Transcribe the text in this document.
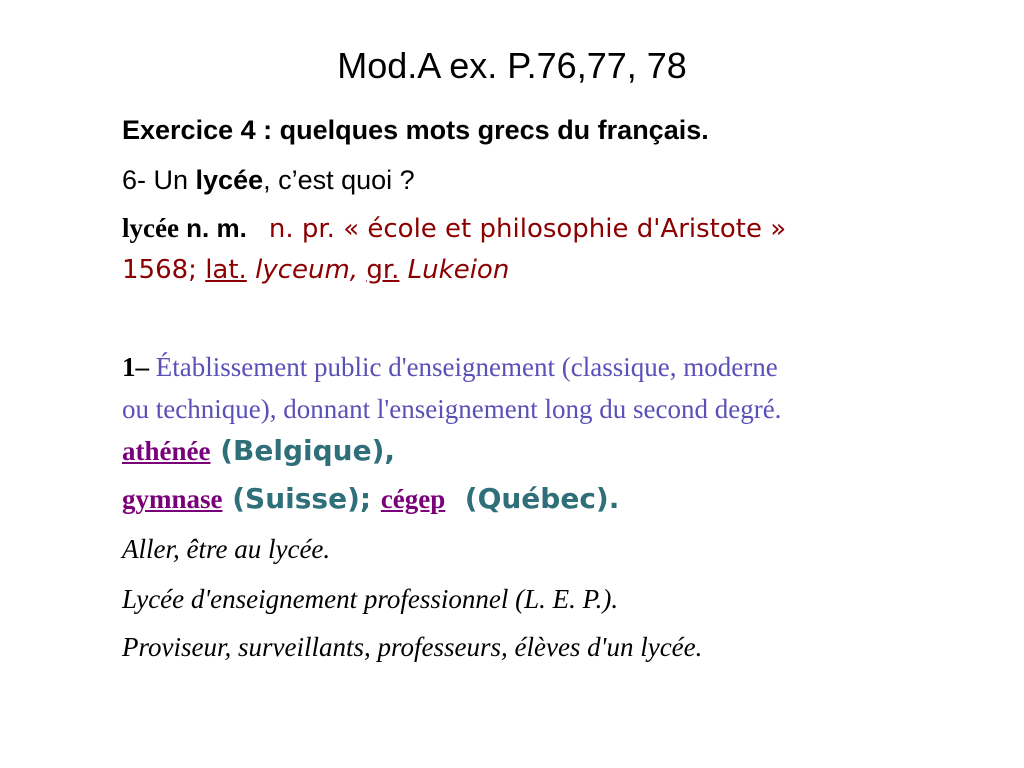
Mod.A ex. P.76,77, 78
Exercice 4 : quelques mots grecs du français.
6- Un lycée, c’est quoi ?
lycée n. m. n. pr. « école et philosophie d'Aristote »
1568; lat. lyceum, gr. Lukeion
1– Établissement public d'enseignement (classique, moderne
ou technique), donnant l'enseignement long du second degré.
athénée (Belgique),
gymnase (Suisse); cégep  (Québec).
Aller, être au lycée.
Lycée d'enseignement professionnel (L. E. P.).
Proviseur, surveillants, professeurs, élèves d'un lycée.
